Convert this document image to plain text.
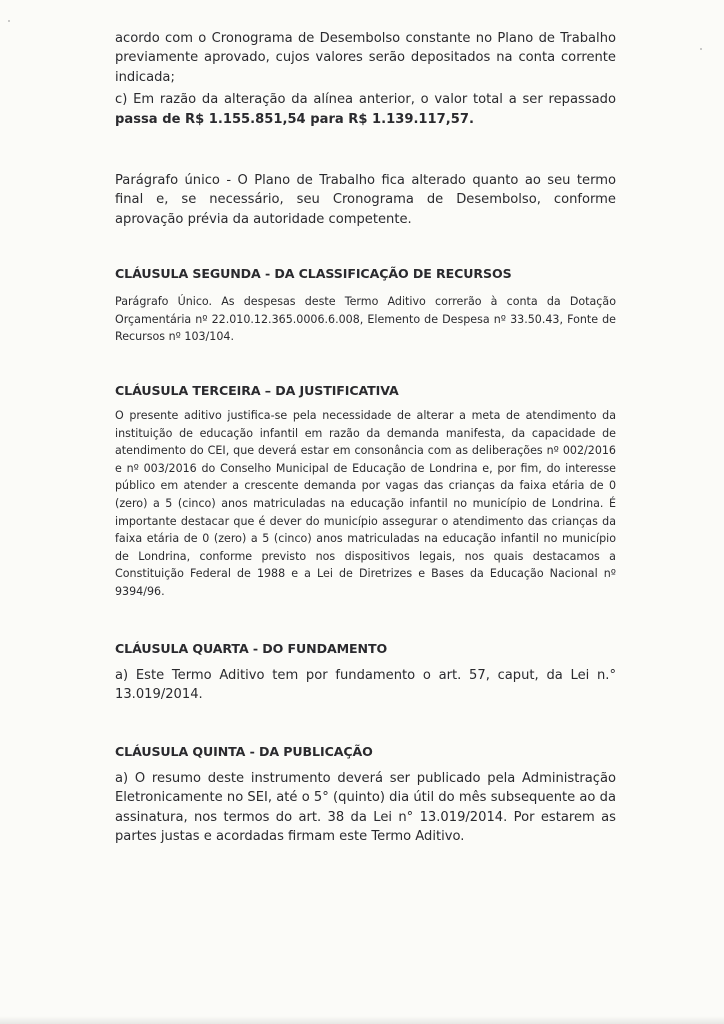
acordo com o Cronograma de Desembolso constante no Plano de Trabalho previamente aprovado, cujos valores serão depositados na conta corrente indicada;

c) Em razão da alteração da alínea anterior, o valor total a ser repassado passa de R$ 1.155.851,54 para R$ 1.139.117,57.

Parágrafo único - O Plano de Trabalho fica alterado quanto ao seu termo final e, se necessário, seu Cronograma de Desembolso, conforme aprovação prévia da autoridade competente.

CLÁUSULA SEGUNDA - DA CLASSIFICAÇÃO DE RECURSOS

Parágrafo Único. As despesas deste Termo Aditivo correrão à conta da Dotação Orçamentária nº 22.010.12.365.0006.6.008, Elemento de Despesa nº 33.50.43, Fonte de Recursos nº 103/104.

CLÁUSULA TERCEIRA – DA JUSTIFICATIVA

O presente aditivo justifica-se pela necessidade de alterar a meta de atendimento da instituição de educação infantil em razão da demanda manifesta, da capacidade de atendimento do CEI, que deverá estar em consonância com as deliberações nº 002/2016 e nº 003/2016 do Conselho Municipal de Educação de Londrina e, por fim, do interesse público em atender a crescente demanda por vagas das crianças da faixa etária de 0 (zero) a 5 (cinco) anos matriculadas na educação infantil no município de Londrina. É importante destacar que é dever do município assegurar o atendimento das crianças da faixa etária de 0 (zero) a 5 (cinco) anos matriculadas na educação infantil no município de Londrina, conforme previsto nos dispositivos legais, nos quais destacamos a Constituição Federal de 1988 e a Lei de Diretrizes e Bases da Educação Nacional nº 9394/96.

CLÁUSULA QUARTA - DO FUNDAMENTO

a) Este Termo Aditivo tem por fundamento o art. 57, caput, da Lei n.° 13.019/2014.

CLÁUSULA QUINTA - DA PUBLICAÇÃO

a) O resumo deste instrumento deverá ser publicado pela Administração Eletronicamente no SEI, até o 5° (quinto) dia útil do mês subsequente ao da assinatura, nos termos do art. 38 da Lei n° 13.019/2014. Por estarem as partes justas e acordadas firmam este Termo Aditivo.
